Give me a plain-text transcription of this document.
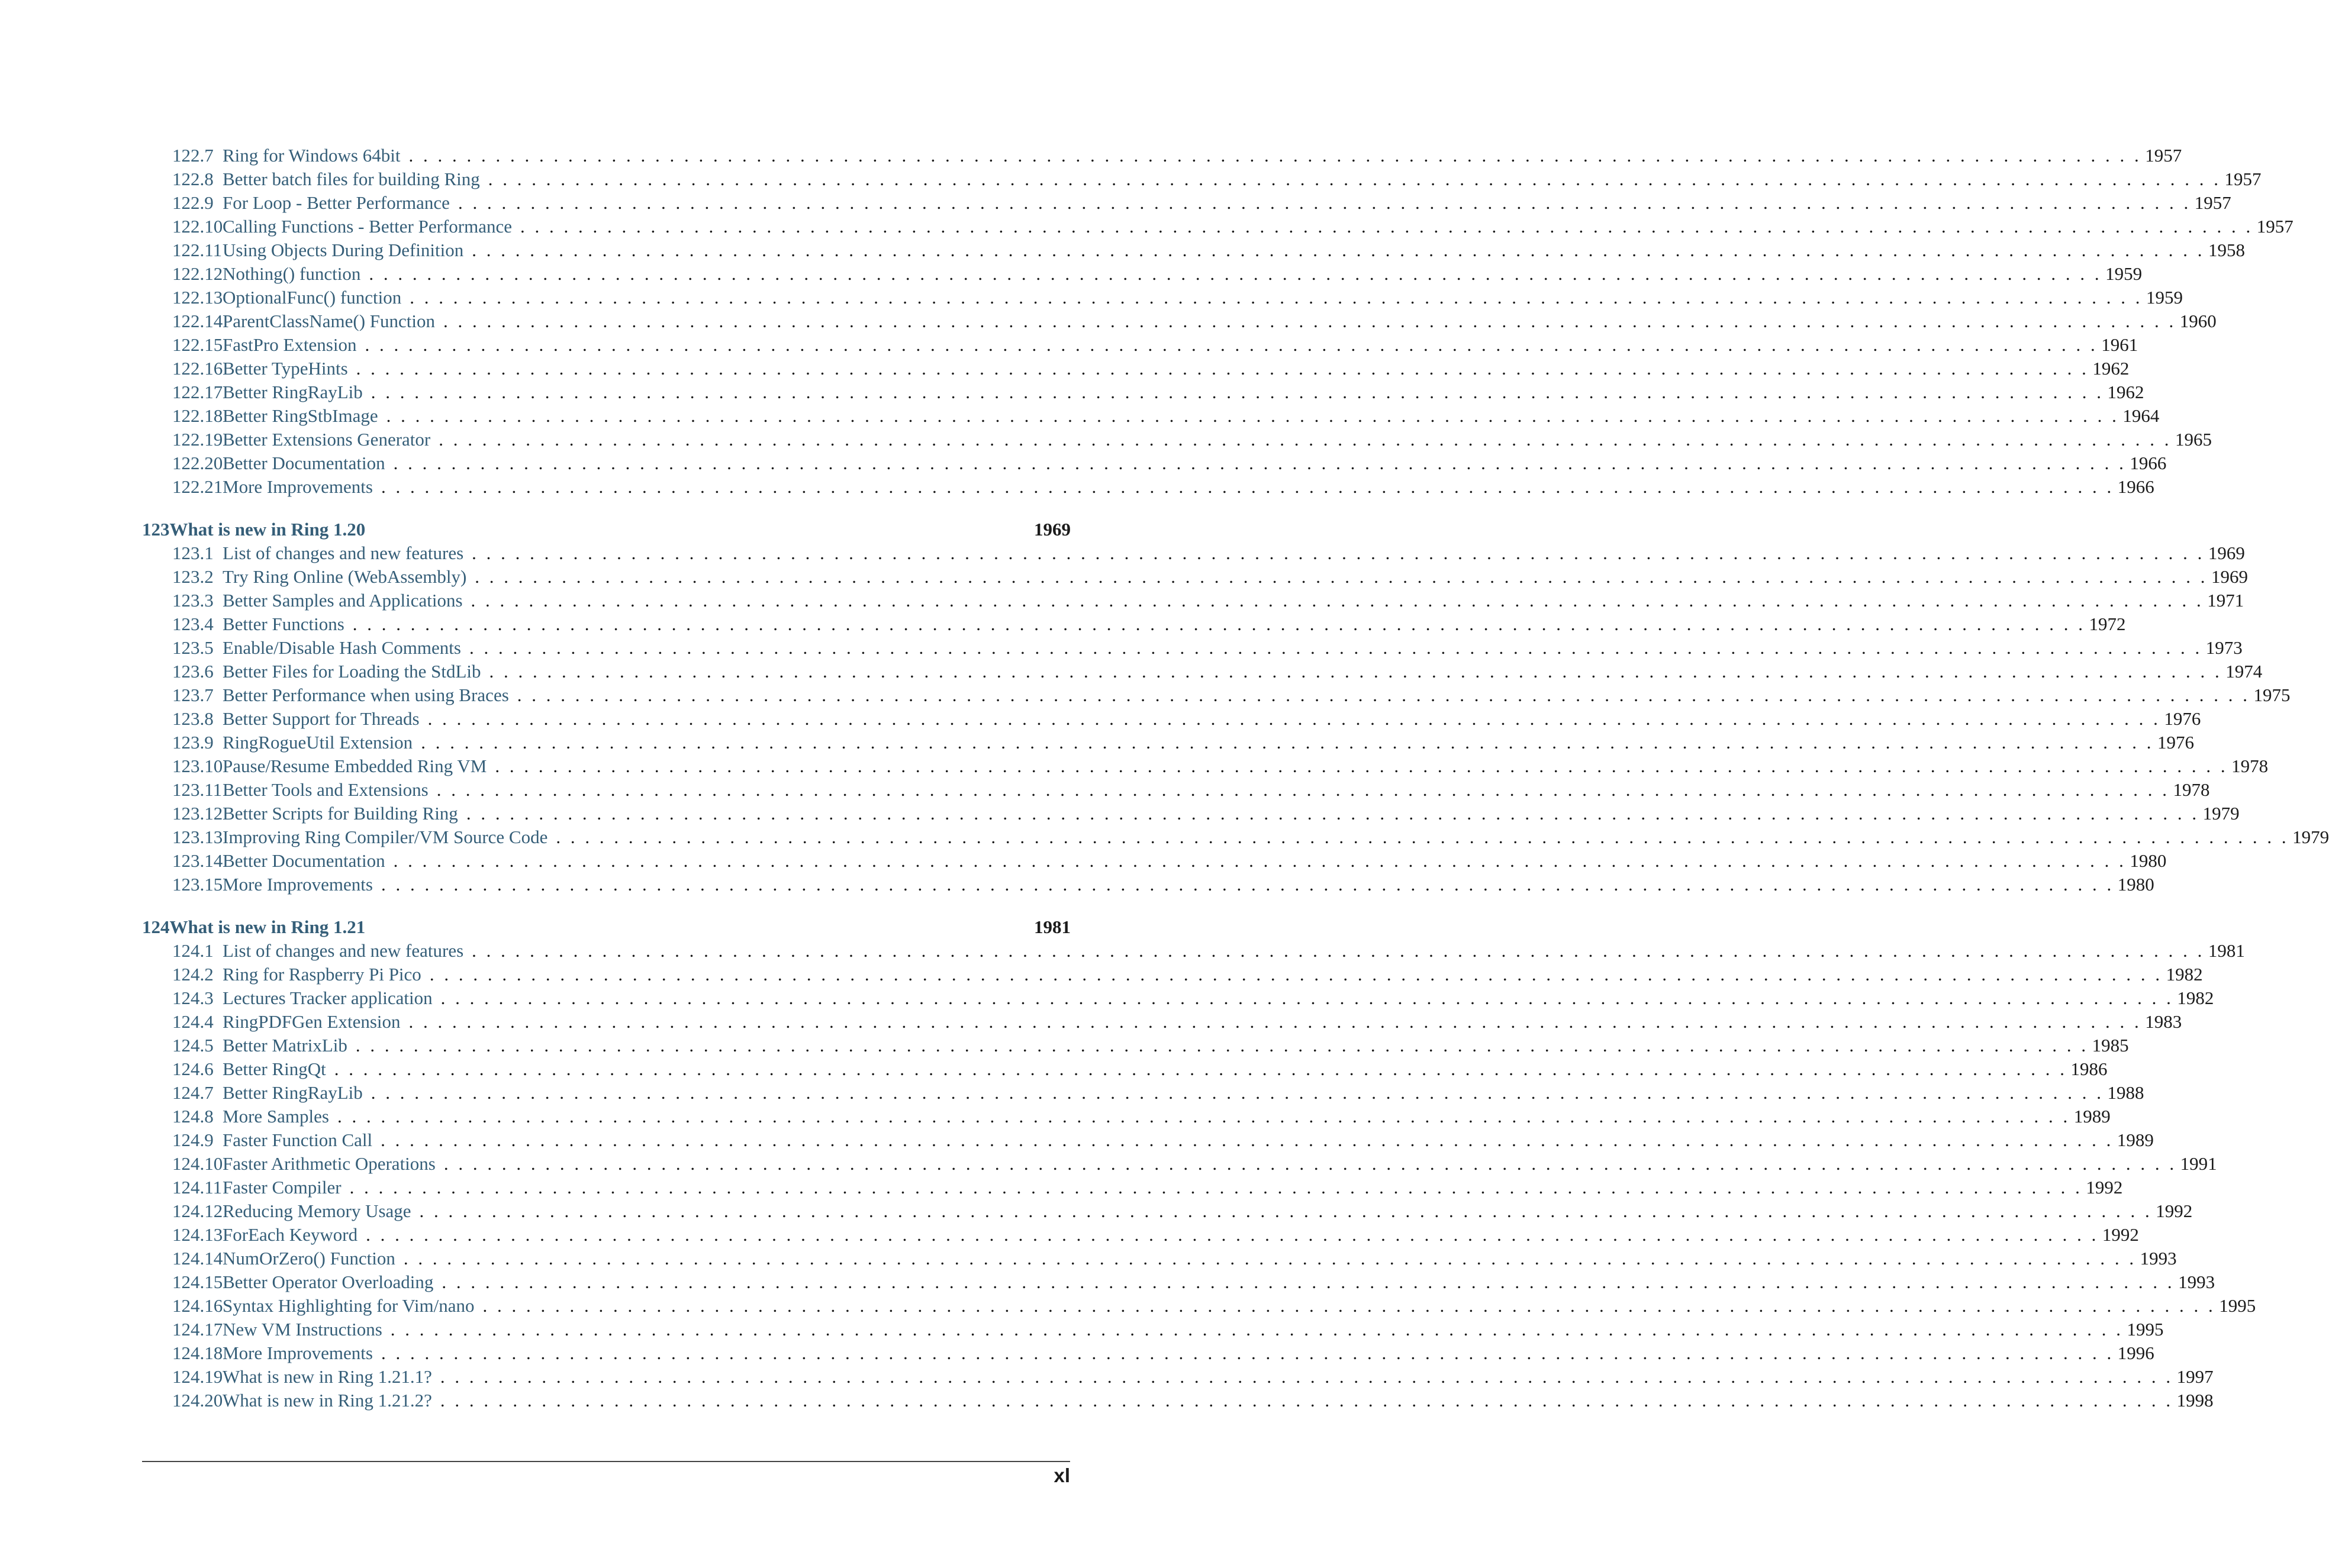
122.7 Ring for Windows 64bit . . . . . . . . . . . . . . . . . . . . . . . . . . . . . . . . . . . . . . . . . . . . . . . . . . . . . . . . . . . . . . . . . . . . . . . . . . . . . . . . . . . . . . . . . . . . . . . . . . . . . . . . . . . . . . . . . . . . . . . . 1957
122.8 Better batch files for building Ring . . . . . . . . . . . . . . . . . . . . . . . . . . . . . . . . . . . . . . . . . . . . . . . . . . . . . . . . . . . . . . . . . . . . . . . . . . . . . . . . . . . . . . . . . . . . . . . . . . . . . . . . . . . . . . . . . . . . . . . . 1957
122.9 For Loop - Better Performance . . . . . . . . . . . . . . . . . . . . . . . . . . . . . . . . . . . . . . . . . . . . . . . . . . . . . . . . . . . . . . . . . . . . . . . . . . . . . . . . . . . . . . . . . . . . . . . . . . . . . . . . . . . . . . . . . . . . . . . . 1957
122.10 Calling Functions - Better Performance . . . . . . . . . . . . . . . . . . . . . . . . . . . . . . . . . . . . . . . . . . . . . . . . . . . . . . . . . . . . . . . . . . . . . . . . . . . . . . . . . . . . . . . . . . . . . . . . . . . . . . . . . . . . . . . . . . . . . . . . 1957
122.11 Using Objects During Definition . . . . . . . . . . . . . . . . . . . . . . . . . . . . . . . . . . . . . . . . . . . . . . . . . . . . . . . . . . . . . . . . . . . . . . . . . . . . . . . . . . . . . . . . . . . . . . . . . . . . . . . . . . . . . . . . . . . . . . . . 1958
122.12 Nothing() function . . . . . . . . . . . . . . . . . . . . . . . . . . . . . . . . . . . . . . . . . . . . . . . . . . . . . . . . . . . . . . . . . . . . . . . . . . . . . . . . . . . . . . . . . . . . . . . . . . . . . . . . . . . . . . . . . . . . . . . . 1959
122.13 OptionalFunc() function . . . . . . . . . . . . . . . . . . . . . . . . . . . . . . . . . . . . . . . . . . . . . . . . . . . . . . . . . . . . . . . . . . . . . . . . . . . . . . . . . . . . . . . . . . . . . . . . . . . . . . . . . . . . . . . . . . . . . . . . 1959
122.14 ParentClassName() Function . . . . . . . . . . . . . . . . . . . . . . . . . . . . . . . . . . . . . . . . . . . . . . . . . . . . . . . . . . . . . . . . . . . . . . . . . . . . . . . . . . . . . . . . . . . . . . . . . . . . . . . . . . . . . . . . . . . . . . . . 1960
122.15 FastPro Extension . . . . . . . . . . . . . . . . . . . . . . . . . . . . . . . . . . . . . . . . . . . . . . . . . . . . . . . . . . . . . . . . . . . . . . . . . . . . . . . . . . . . . . . . . . . . . . . . . . . . . . . . . . . . . . . . . . . . . . . . 1961
122.16 Better TypeHints . . . . . . . . . . . . . . . . . . . . . . . . . . . . . . . . . . . . . . . . . . . . . . . . . . . . . . . . . . . . . . . . . . . . . . . . . . . . . . . . . . . . . . . . . . . . . . . . . . . . . . . . . . . . . . . . . . . . . . . . 1962
122.17 Better RingRayLib . . . . . . . . . . . . . . . . . . . . . . . . . . . . . . . . . . . . . . . . . . . . . . . . . . . . . . . . . . . . . . . . . . . . . . . . . . . . . . . . . . . . . . . . . . . . . . . . . . . . . . . . . . . . . . . . . . . . . . . . 1962
122.18 Better RingStbImage . . . . . . . . . . . . . . . . . . . . . . . . . . . . . . . . . . . . . . . . . . . . . . . . . . . . . . . . . . . . . . . . . . . . . . . . . . . . . . . . . . . . . . . . . . . . . . . . . . . . . . . . . . . . . . . . . . . . . . . . 1964
122.19 Better Extensions Generator . . . . . . . . . . . . . . . . . . . . . . . . . . . . . . . . . . . . . . . . . . . . . . . . . . . . . . . . . . . . . . . . . . . . . . . . . . . . . . . . . . . . . . . . . . . . . . . . . . . . . . . . . . . . . . . . . . . . . . . . 1965
122.20 Better Documentation . . . . . . . . . . . . . . . . . . . . . . . . . . . . . . . . . . . . . . . . . . . . . . . . . . . . . . . . . . . . . . . . . . . . . . . . . . . . . . . . . . . . . . . . . . . . . . . . . . . . . . . . . . . . . . . . . . . . . . . . 1966
122.21 More Improvements . . . . . . . . . . . . . . . . . . . . . . . . . . . . . . . . . . . . . . . . . . . . . . . . . . . . . . . . . . . . . . . . . . . . . . . . . . . . . . . . . . . . . . . . . . . . . . . . . . . . . . . . . . . . . . . . . . . . . . . . 1966
123 What is new in Ring 1.20	1969
123.1 List of changes and new features . . . . . . . . . . . . . . . . . . . . . . . . . . . . . . . . . . . . . . . . . . . . . . . . . . . . . . . . . . . . . . . . . . . . . . . . . . . . . . . . . . . . . . . . . . . . . . . . . . . . . . . . . . . . . . . . . . . . . . . . 1969
123.2 Try Ring Online (WebAssembly) . . . . . . . . . . . . . . . . . . . . . . . . . . . . . . . . . . . . . . . . . . . . . . . . . . . . . . . . . . . . . . . . . . . . . . . . . . . . . . . . . . . . . . . . . . . . . . . . . . . . . . . . . . . . . . . . . . . . . . . . 1969
123.3 Better Samples and Applications . . . . . . . . . . . . . . . . . . . . . . . . . . . . . . . . . . . . . . . . . . . . . . . . . . . . . . . . . . . . . . . . . . . . . . . . . . . . . . . . . . . . . . . . . . . . . . . . . . . . . . . . . . . . . . . . . . . . . . . . 1971
123.4 Better Functions . . . . . . . . . . . . . . . . . . . . . . . . . . . . . . . . . . . . . . . . . . . . . . . . . . . . . . . . . . . . . . . . . . . . . . . . . . . . . . . . . . . . . . . . . . . . . . . . . . . . . . . . . . . . . . . . . . . . . . . . 1972
123.5 Enable/Disable Hash Comments . . . . . . . . . . . . . . . . . . . . . . . . . . . . . . . . . . . . . . . . . . . . . . . . . . . . . . . . . . . . . . . . . . . . . . . . . . . . . . . . . . . . . . . . . . . . . . . . . . . . . . . . . . . . . . . . . . . . . . . . 1973
123.6 Better Files for Loading the StdLib . . . . . . . . . . . . . . . . . . . . . . . . . . . . . . . . . . . . . . . . . . . . . . . . . . . . . . . . . . . . . . . . . . . . . . . . . . . . . . . . . . . . . . . . . . . . . . . . . . . . . . . . . . . . . . . . . . . . . . . . 1974
123.7 Better Performance when using Braces . . . . . . . . . . . . . . . . . . . . . . . . . . . . . . . . . . . . . . . . . . . . . . . . . . . . . . . . . . . . . . . . . . . . . . . . . . . . . . . . . . . . . . . . . . . . . . . . . . . . . . . . . . . . . . . . . . . . . . . . 1975
123.8 Better Support for Threads . . . . . . . . . . . . . . . . . . . . . . . . . . . . . . . . . . . . . . . . . . . . . . . . . . . . . . . . . . . . . . . . . . . . . . . . . . . . . . . . . . . . . . . . . . . . . . . . . . . . . . . . . . . . . . . . . . . . . . . . 1976
123.9 RingRogueUtil Extension . . . . . . . . . . . . . . . . . . . . . . . . . . . . . . . . . . . . . . . . . . . . . . . . . . . . . . . . . . . . . . . . . . . . . . . . . . . . . . . . . . . . . . . . . . . . . . . . . . . . . . . . . . . . . . . . . . . . . . . . 1976
123.10 Pause/Resume Embedded Ring VM . . . . . . . . . . . . . . . . . . . . . . . . . . . . . . . . . . . . . . . . . . . . . . . . . . . . . . . . . . . . . . . . . . . . . . . . . . . . . . . . . . . . . . . . . . . . . . . . . . . . . . . . . . . . . . . . . . . . . . . . 1978
123.11 Better Tools and Extensions . . . . . . . . . . . . . . . . . . . . . . . . . . . . . . . . . . . . . . . . . . . . . . . . . . . . . . . . . . . . . . . . . . . . . . . . . . . . . . . . . . . . . . . . . . . . . . . . . . . . . . . . . . . . . . . . . . . . . . . . 1978
123.12 Better Scripts for Building Ring . . . . . . . . . . . . . . . . . . . . . . . . . . . . . . . . . . . . . . . . . . . . . . . . . . . . . . . . . . . . . . . . . . . . . . . . . . . . . . . . . . . . . . . . . . . . . . . . . . . . . . . . . . . . . . . . . . . . . . . . 1979
123.13 Improving Ring Compiler/VM Source Code . . . . . . . . . . . . . . . . . . . . . . . . . . . . . . . . . . . . . . . . . . . . . . . . . . . . . . . . . . . . . . . . . . . . . . . . . . . . . . . . . . . . . . . . . . . . . . . . . . . . . . . . . . . . . . . . . . . . . . . . 1979
123.14 Better Documentation . . . . . . . . . . . . . . . . . . . . . . . . . . . . . . . . . . . . . . . . . . . . . . . . . . . . . . . . . . . . . . . . . . . . . . . . . . . . . . . . . . . . . . . . . . . . . . . . . . . . . . . . . . . . . . . . . . . . . . . . 1980
123.15 More Improvements . . . . . . . . . . . . . . . . . . . . . . . . . . . . . . . . . . . . . . . . . . . . . . . . . . . . . . . . . . . . . . . . . . . . . . . . . . . . . . . . . . . . . . . . . . . . . . . . . . . . . . . . . . . . . . . . . . . . . . . . 1980
124 What is new in Ring 1.21	1981
124.1 List of changes and new features . . . . . . . . . . . . . . . . . . . . . . . . . . . . . . . . . . . . . . . . . . . . . . . . . . . . . . . . . . . . . . . . . . . . . . . . . . . . . . . . . . . . . . . . . . . . . . . . . . . . . . . . . . . . . . . . . . . . . . . . 1981
124.2 Ring for Raspberry Pi Pico . . . . . . . . . . . . . . . . . . . . . . . . . . . . . . . . . . . . . . . . . . . . . . . . . . . . . . . . . . . . . . . . . . . . . . . . . . . . . . . . . . . . . . . . . . . . . . . . . . . . . . . . . . . . . . . . . . . . . . . . 1982
124.3 Lectures Tracker application . . . . . . . . . . . . . . . . . . . . . . . . . . . . . . . . . . . . . . . . . . . . . . . . . . . . . . . . . . . . . . . . . . . . . . . . . . . . . . . . . . . . . . . . . . . . . . . . . . . . . . . . . . . . . . . . . . . . . . . . 1982
124.4 RingPDFGen Extension . . . . . . . . . . . . . . . . . . . . . . . . . . . . . . . . . . . . . . . . . . . . . . . . . . . . . . . . . . . . . . . . . . . . . . . . . . . . . . . . . . . . . . . . . . . . . . . . . . . . . . . . . . . . . . . . . . . . . . . . 1983
124.5 Better MatrixLib . . . . . . . . . . . . . . . . . . . . . . . . . . . . . . . . . . . . . . . . . . . . . . . . . . . . . . . . . . . . . . . . . . . . . . . . . . . . . . . . . . . . . . . . . . . . . . . . . . . . . . . . . . . . . . . . . . . . . . . . 1985
124.6 Better RingQt . . . . . . . . . . . . . . . . . . . . . . . . . . . . . . . . . . . . . . . . . . . . . . . . . . . . . . . . . . . . . . . . . . . . . . . . . . . . . . . . . . . . . . . . . . . . . . . . . . . . . . . . . . . . . . . . . . . . . . . . 1986
124.7 Better RingRayLib . . . . . . . . . . . . . . . . . . . . . . . . . . . . . . . . . . . . . . . . . . . . . . . . . . . . . . . . . . . . . . . . . . . . . . . . . . . . . . . . . . . . . . . . . . . . . . . . . . . . . . . . . . . . . . . . . . . . . . . . 1988
124.8 More Samples . . . . . . . . . . . . . . . . . . . . . . . . . . . . . . . . . . . . . . . . . . . . . . . . . . . . . . . . . . . . . . . . . . . . . . . . . . . . . . . . . . . . . . . . . . . . . . . . . . . . . . . . . . . . . . . . . . . . . . . . 1989
124.9 Faster Function Call . . . . . . . . . . . . . . . . . . . . . . . . . . . . . . . . . . . . . . . . . . . . . . . . . . . . . . . . . . . . . . . . . . . . . . . . . . . . . . . . . . . . . . . . . . . . . . . . . . . . . . . . . . . . . . . . . . . . . . . . 1989
124.10 Faster Arithmetic Operations . . . . . . . . . . . . . . . . . . . . . . . . . . . . . . . . . . . . . . . . . . . . . . . . . . . . . . . . . . . . . . . . . . . . . . . . . . . . . . . . . . . . . . . . . . . . . . . . . . . . . . . . . . . . . . . . . . . . . . . . 1991
124.11 Faster Compiler . . . . . . . . . . . . . . . . . . . . . . . . . . . . . . . . . . . . . . . . . . . . . . . . . . . . . . . . . . . . . . . . . . . . . . . . . . . . . . . . . . . . . . . . . . . . . . . . . . . . . . . . . . . . . . . . . . . . . . . . 1992
124.12 Reducing Memory Usage . . . . . . . . . . . . . . . . . . . . . . . . . . . . . . . . . . . . . . . . . . . . . . . . . . . . . . . . . . . . . . . . . . . . . . . . . . . . . . . . . . . . . . . . . . . . . . . . . . . . . . . . . . . . . . . . . . . . . . . . 1992
124.13 ForEach Keyword . . . . . . . . . . . . . . . . . . . . . . . . . . . . . . . . . . . . . . . . . . . . . . . . . . . . . . . . . . . . . . . . . . . . . . . . . . . . . . . . . . . . . . . . . . . . . . . . . . . . . . . . . . . . . . . . . . . . . . . . 1992
124.14 NumOrZero() Function . . . . . . . . . . . . . . . . . . . . . . . . . . . . . . . . . . . . . . . . . . . . . . . . . . . . . . . . . . . . . . . . . . . . . . . . . . . . . . . . . . . . . . . . . . . . . . . . . . . . . . . . . . . . . . . . . . . . . . . . 1993
124.15 Better Operator Overloading . . . . . . . . . . . . . . . . . . . . . . . . . . . . . . . . . . . . . . . . . . . . . . . . . . . . . . . . . . . . . . . . . . . . . . . . . . . . . . . . . . . . . . . . . . . . . . . . . . . . . . . . . . . . . . . . . . . . . . . . 1993
124.16 Syntax Highlighting for Vim/nano . . . . . . . . . . . . . . . . . . . . . . . . . . . . . . . . . . . . . . . . . . . . . . . . . . . . . . . . . . . . . . . . . . . . . . . . . . . . . . . . . . . . . . . . . . . . . . . . . . . . . . . . . . . . . . . . . . . . . . . . 1995
124.17 New VM Instructions . . . . . . . . . . . . . . . . . . . . . . . . . . . . . . . . . . . . . . . . . . . . . . . . . . . . . . . . . . . . . . . . . . . . . . . . . . . . . . . . . . . . . . . . . . . . . . . . . . . . . . . . . . . . . . . . . . . . . . . . 1995
124.18 More Improvements . . . . . . . . . . . . . . . . . . . . . . . . . . . . . . . . . . . . . . . . . . . . . . . . . . . . . . . . . . . . . . . . . . . . . . . . . . . . . . . . . . . . . . . . . . . . . . . . . . . . . . . . . . . . . . . . . . . . . . . . 1996
124.19 What is new in Ring 1.21.1? . . . . . . . . . . . . . . . . . . . . . . . . . . . . . . . . . . . . . . . . . . . . . . . . . . . . . . . . . . . . . . . . . . . . . . . . . . . . . . . . . . . . . . . . . . . . . . . . . . . . . . . . . . . . . . . . . . . . . . . . 1997
124.20 What is new in Ring 1.21.2? . . . . . . . . . . . . . . . . . . . . . . . . . . . . . . . . . . . . . . . . . . . . . . . . . . . . . . . . . . . . . . . . . . . . . . . . . . . . . . . . . . . . . . . . . . . . . . . . . . . . . . . . . . . . . . . . . . . . . . . . 1998
xl
